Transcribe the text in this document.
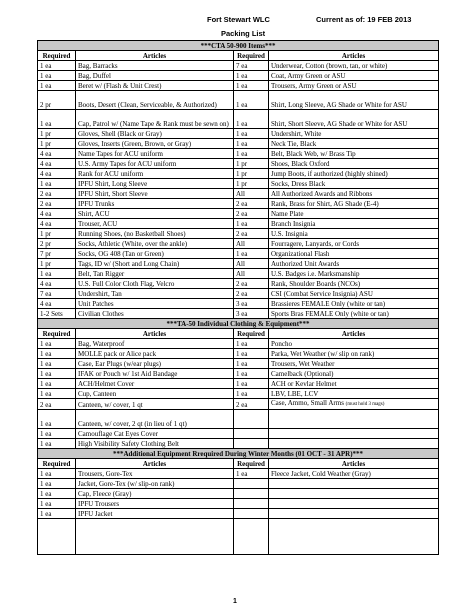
Fort Stewart WLC
Packing List
Current as of: 19 FEB 2013
***CTA 50-900 Items***			
Required	Articles	Required	Articles
1 ea	Bag, Barracks	7 ea	Underwear, Cotton (brown, tan, or white)
1 ea	Bag, Duffel	1 ea	Coat, Army Green or ASU
1 ea	Beret w/ (Flash & Unit Crest)	1 ea	Trousers, Army Green or ASU
2 pr	Boots, Desert (Clean, Serviceable, & Authorized)	1 ea	Shirt, Long Sleeve, AG Shade or White for ASU
1 ea	Cap, Patrol w/ (Name Tape & Rank must be sewn on)	1 ea	Shirt, Short Sleeve, AG Shade or White for ASU
1 pr	Gloves, Shell (Black or Gray)	1 ea	Undershirt, White
1 pr	Gloves, Inserts (Green, Brown, or Gray)	1 ea	Neck Tie, Black
4 ea	Name Tapes for ACU uniform	1 ea	Belt, Black Web, w/ Brass Tip
4 ea	U.S. Army Tapes for ACU uniform	1 pr	Shoes, Black Oxford
4 ea	Rank for ACU uniform	1 pr	Jump Boots, if authorized (highly shined)
1 ea	IPFU Shirt, Long Sleeve	1 pr	Socks, Dress Black
2 ea	IPFU Shirt, Short Sleeve	All	All Authorized Awards and Ribbons
2 ea	IPFU Trunks	2 ea	Rank, Brass for Shirt, AG Shade (E-4)
4 ea	Shirt, ACU	2 ea	Name Plate
4 ea	Trouser, ACU	1 ea	Branch Insignia
1 pr	Running Shoes, (no Basketball Shoes)	2 ea	U.S. Insignia
2 pr	Socks, Athletic (White, over the ankle)	All	Fourragere, Lanyards, or Cords
7 pr	Socks, OG 408 (Tan or Green)	1 ea	Organizational Flash
1 pr	Tags, ID w/ (Short and Long Chain)	All	Authorized Unit Awards
1 ea	Belt, Tan Rigger	All	U.S. Badges i.e. Marksmanship
4 ea	U.S. Full Color Cloth Flag, Velcro	2 ea	Rank, Shoulder Boards (NCOs)
7 ea	Undershirt, Tan	2 ea	CSI (Combat Service Insignia) ASU
4 ea	Unit Patches	3 ea	Brassieres FEMALE Only (white or tan)
1-2 Sets	Civilian Clothes	3 ea	Sports Bras FEMALE Only (white or tan)
***TA-50 Individual Clothing & Equipment***			
Required	Articles	Required	Articles
1 ea	Bag, Waterproof	1 ea	Poncho
1 ea	MOLLE pack or Alice pack	1 ea	Parka, Wet Weather (w/ slip on rank)
1 ea	Case, Ear Plugs (w/ear plugs)	1 ea	Trousers, Wet Weather
1 ea	IFAK or Pouch w/ 1st Aid Bandage	1 ea	Camelback (Optional)
1 ea	ACH/Helmet Cover	1 ea	ACH or Kevlar Helmet
1 ea	Cup, Canteen	1 ea	LBV, LBE, LCV
2 ea	Canteen, w/ cover, 1 qt	2 ea	Case, Ammo, Small Arms (must hold 3 mags)
1 ea	Canteen, w/ cover, 2 qt (in lieu of 1 qt)		
1 ea	Camouflage Cat Eyes Cover		
1 ea	High Visibility Safety Clothing Belt		
***Additional Equipment Rrequired During Winter Months (01 OCT - 31 APR)***			
Required	Articles	Required	Articles
1 ea	Trousers, Gore-Tex	1 ea	Fleece Jacket, Cold Weather (Gray)
1 ea	Jacket, Gore-Tex (w/ slip-on rank)		
1 ea	Cap, Fleece (Gray)		
1 ea	IPFU Trousers		
1 ea	IPFU Jacket		

1
